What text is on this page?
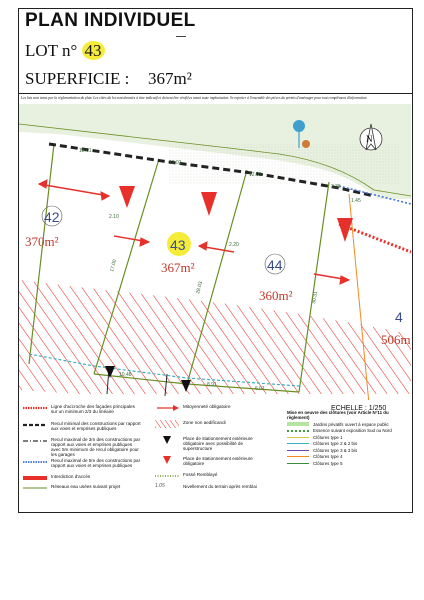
PLAN INDIVIDUEL
LOT n° 43
SUPERFICIE : 367m²
Les lots sont tenus par la réglementation du plan. Les côtes du lot sont données à titre indicatif et doivent être vérifiées avant toute implantation. Se reporter à l'ensemble des pièces du permis d'aménager pour tout complément d'information.
N
42
370m²	43
367m²	44
360m²
4
506m
13.01
12.01
12.01
17.00
28.03
30.31
10.48
8.91
6.01
3.35
1.45
2.10
2.20
ECHELLE : 1/250
Ligne d'accroche des façades principales sur un minimum 2/3 du linéaire
Recul minimal des constructions par rapport aux voies et emprises publiques
Recul maximal de 3m des constructions par rapport aux voies et emprises publiques avec 5m minimum de recul obligatoire pour les garages
Recul maximal de 5m des constructions par rapport aux voies et emprises publiques
Interdiction d'accès
Réseaux eau usées suivant projet
Mitoyenneté obligatoire
Zone non aedificandi
Place de stationnement extérieure obligatoire avec possibilité de superstructure
Place de stationnement extérieure obligatoire
Fossé Remblayé
1.05	Nivellement du terrain après remblai
Mise en oeuvre des clôtures (voir Article N°11 du règlement)
Jardins privatifs ouvert à espace public
Essence suivant exposition Sud ou Nord
Clôtures type 1
Clôtures type 2 & 2 bis
Clôtures type 3 & 3 bis
Clôtures type 4
Clôtures type 5
